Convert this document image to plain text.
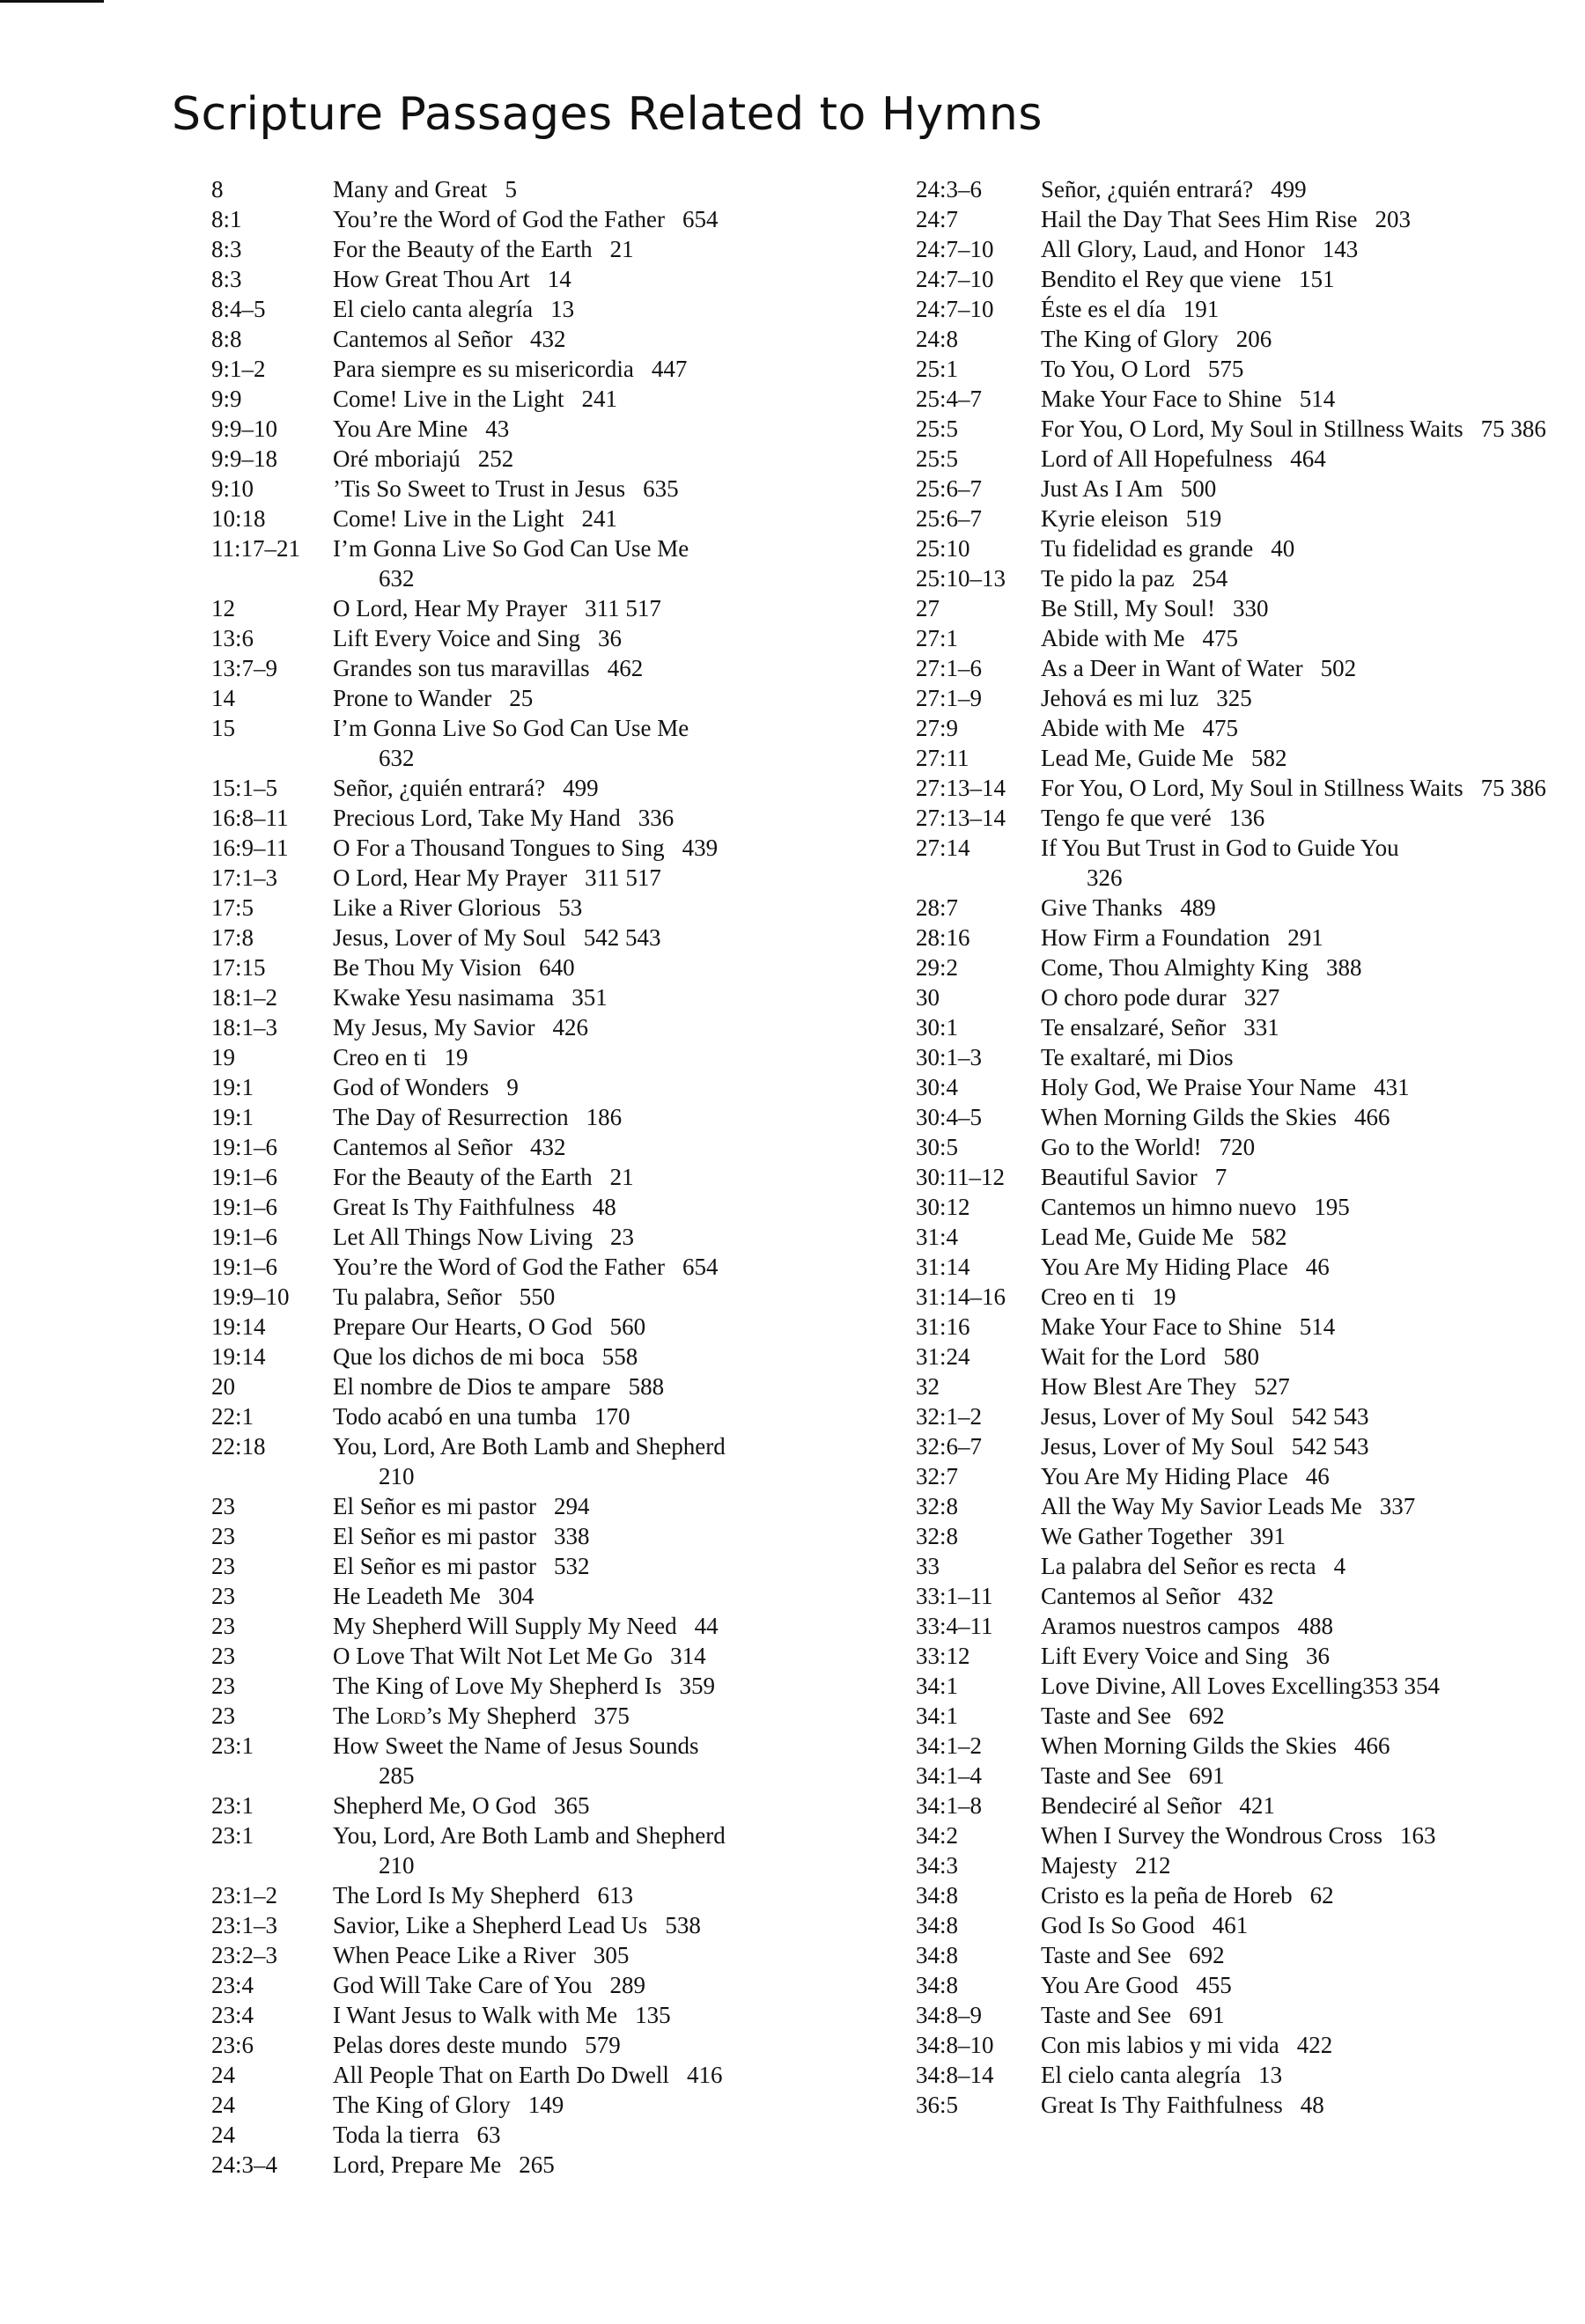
Scripture Passages Related to Hymns
8	Many and Great 5
8:1	You’re the Word of God the Father 654
8:3	For the Beauty of the Earth 21
8:3	How Great Thou Art 14
8:4–5	El cielo canta alegría 13
8:8	Cantemos al Señor 432
9:1–2	Para siempre es su misericordia 447
9:9	Come! Live in the Light 241
9:9–10	You Are Mine 43
9:9–18	Oré mboriajú 252
9:10	’Tis So Sweet to Trust in Jesus 635
10:18	Come! Live in the Light 241
11:17–21	I’m Gonna Live So God Can Use Me
632
12	O Lord, Hear My Prayer 311 517
13:6	Lift Every Voice and Sing 36
13:7–9	Grandes son tus maravillas 462
14	Prone to Wander 25
15	I’m Gonna Live So God Can Use Me
632
15:1–5	Señor, ¿quién entrará? 499
16:8–11	Precious Lord, Take My Hand 336
16:9–11	O For a Thousand Tongues to Sing 439
17:1–3	O Lord, Hear My Prayer 311 517
17:5	Like a River Glorious 53
17:8	Jesus, Lover of My Soul 542 543
17:15	Be Thou My Vision 640
18:1–2	Kwake Yesu nasimama 351
18:1–3	My Jesus, My Savior 426
19	Creo en ti 19
19:1	God of Wonders 9
19:1	The Day of Resurrection 186
19:1–6	Cantemos al Señor 432
19:1–6	For the Beauty of the Earth 21
19:1–6	Great Is Thy Faithfulness 48
19:1–6	Let All Things Now Living 23
19:1–6	You’re the Word of God the Father 654
19:9–10	Tu palabra, Señor 550
19:14	Prepare Our Hearts, O God 560
19:14	Que los dichos de mi boca 558
20	El nombre de Dios te ampare 588
22:1	Todo acabó en una tumba 170
22:18	You, Lord, Are Both Lamb and Shepherd
210
23	El Señor es mi pastor 294
23	El Señor es mi pastor 338
23	El Señor es mi pastor 532
23	He Leadeth Me 304
23	My Shepherd Will Supply My Need 44
23	O Love That Wilt Not Let Me Go 314
23	The King of Love My Shepherd Is 359
23	The Lord’s My Shepherd 375
23:1	How Sweet the Name of Jesus Sounds
285
23:1	Shepherd Me, O God 365
23:1	You, Lord, Are Both Lamb and Shepherd
210
23:1–2	The Lord Is My Shepherd 613
23:1–3	Savior, Like a Shepherd Lead Us 538
23:2–3	When Peace Like a River 305
23:4	God Will Take Care of You 289
23:4	I Want Jesus to Walk with Me 135
23:6	Pelas dores deste mundo 579
24	All People That on Earth Do Dwell 416
24	The King of Glory 149
24	Toda la tierra 63
24:3–4	Lord, Prepare Me 265
24:3–6	Señor, ¿quién entrará? 499
24:7	Hail the Day That Sees Him Rise 203
24:7–10	All Glory, Laud, and Honor 143
24:7–10	Bendito el Rey que viene 151
24:7–10	Éste es el día 191
24:8	The King of Glory 206
25:1	To You, O Lord 575
25:4–7	Make Your Face to Shine 514
25:5	For You, O Lord, My Soul in Stillness Waits 75 386
25:5	Lord of All Hopefulness 464
25:6–7	Just As I Am 500
25:6–7	Kyrie eleison 519
25:10	Tu fidelidad es grande 40
25:10–13	Te pido la paz 254
27	Be Still, My Soul! 330
27:1	Abide with Me 475
27:1–6	As a Deer in Want of Water 502
27:1–9	Jehová es mi luz 325
27:9	Abide with Me 475
27:11	Lead Me, Guide Me 582
27:13–14	For You, O Lord, My Soul in Stillness Waits 75 386
27:13–14	Tengo fe que veré 136
27:14	If You But Trust in God to Guide You
326
28:7	Give Thanks 489
28:16	How Firm a Foundation 291
29:2	Come, Thou Almighty King 388
30	O choro pode durar 327
30:1	Te ensalzaré, Señor 331
30:1–3	Te exaltaré, mi Dios
30:4	Holy God, We Praise Your Name 431
30:4–5	When Morning Gilds the Skies 466
30:5	Go to the World! 720
30:11–12	Beautiful Savior 7
30:12	Cantemos un himno nuevo 195
31:4	Lead Me, Guide Me 582
31:14	You Are My Hiding Place 46
31:14–16	Creo en ti 19
31:16	Make Your Face to Shine 514
31:24	Wait for the Lord 580
32	How Blest Are They 527
32:1–2	Jesus, Lover of My Soul 542 543
32:6–7	Jesus, Lover of My Soul 542 543
32:7	You Are My Hiding Place 46
32:8	All the Way My Savior Leads Me 337
32:8	We Gather Together 391
33	La palabra del Señor es recta 4
33:1–11	Cantemos al Señor 432
33:4–11	Aramos nuestros campos 488
33:12	Lift Every Voice and Sing 36
34:1	Love Divine, All Loves Excelling353 354
34:1	Taste and See 692
34:1–2	When Morning Gilds the Skies 466
34:1–4	Taste and See 691
34:1–8	Bendeciré al Señor 421
34:2	When I Survey the Wondrous Cross 163
34:3	Majesty 212
34:8	Cristo es la peña de Horeb 62
34:8	God Is So Good 461
34:8	Taste and See 692
34:8	You Are Good 455
34:8–9	Taste and See 691
34:8–10	Con mis labios y mi vida 422
34:8–14	El cielo canta alegría 13
36:5	Great Is Thy Faithfulness 48
